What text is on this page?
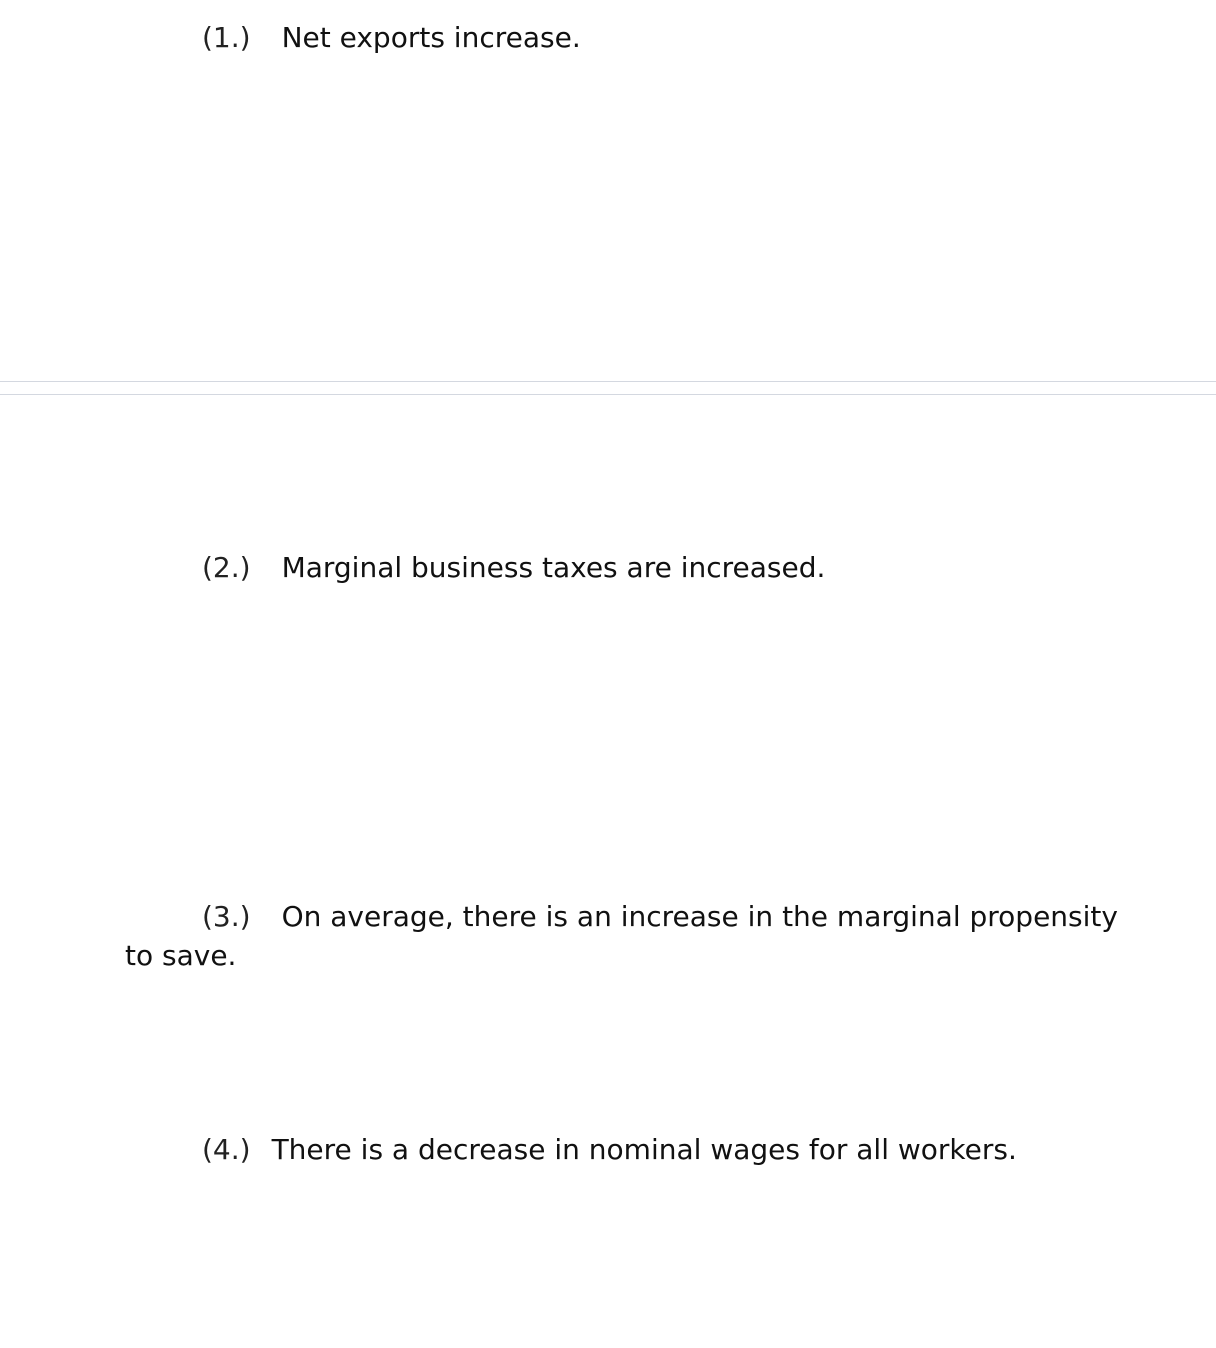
(1.) Net exports increase.

(2.) Marginal business taxes are increased.

(3.) On average, there is an increase in the marginal propensity

to save.

(4.) There is a decrease in nominal wages for all workers.
